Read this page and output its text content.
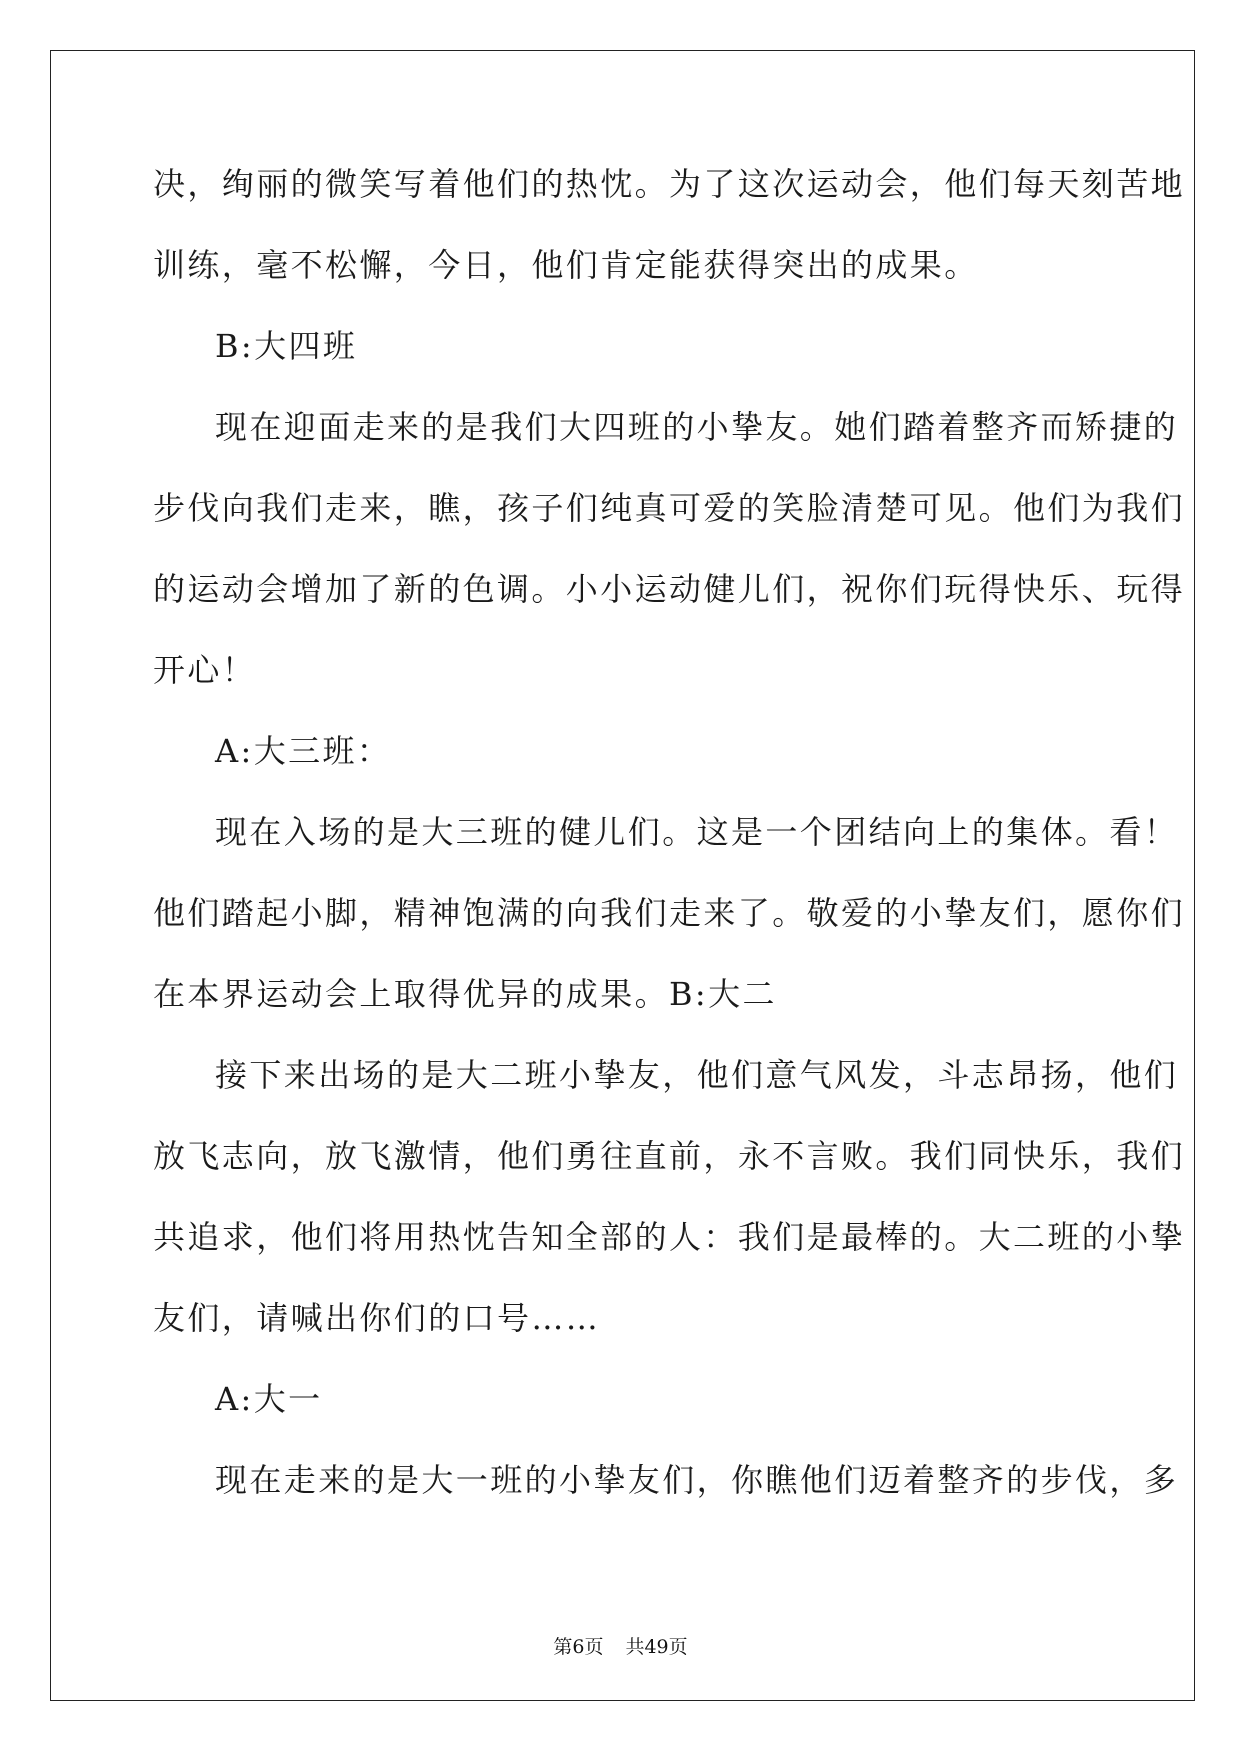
决，绚丽的微笑写着他们的热忱。为了这次运动会，他们每天刻苦地
训练，毫不松懈，今日，他们肯定能获得突出的成果。
B:大四班
现在迎面走来的是我们大四班的小挚友。她们踏着整齐而矫捷的
步伐向我们走来，瞧，孩子们纯真可爱的笑脸清楚可见。他们为我们
的运动会增加了新的色调。小小运动健儿们，祝你们玩得快乐、玩得
开心！
A:大三班：
现在入场的是大三班的健儿们。这是一个团结向上的集体。看！
他们踏起小脚，精神饱满的向我们走来了。敬爱的小挚友们，愿你们
在本界运动会上取得优异的成果。B:大二
接下来出场的是大二班小挚友，他们意气风发，斗志昂扬，他们
放飞志向，放飞激情，他们勇往直前，永不言败。我们同快乐，我们
共追求，他们将用热忱告知全部的人：我们是最棒的。大二班的小挚
友们，请喊出你们的口号……
A:大一
现在走来的是大一班的小挚友们，你瞧他们迈着整齐的步伐，多
第6页 共49页
